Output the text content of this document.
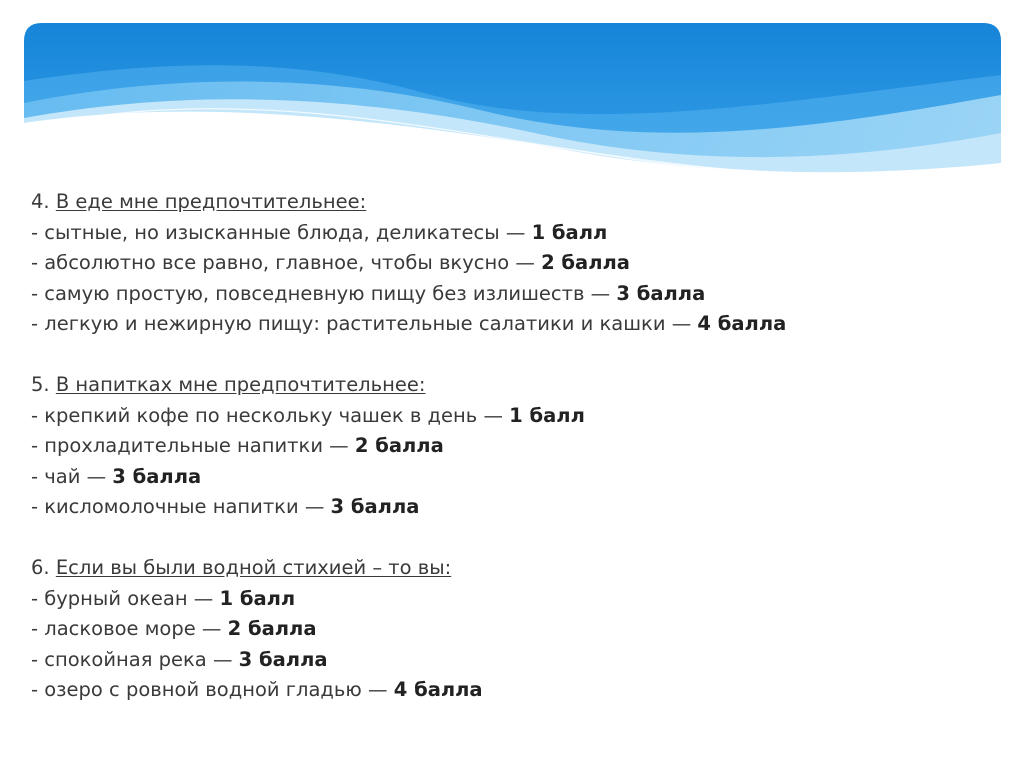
4. В еде мне предпочтительнее:
- сытные, но изысканные блюда, деликатесы — 1 балл
- абсолютно все равно, главное, чтобы вкусно — 2 балла
- самую простую, повседневную пищу без излишеств — 3 балла
- легкую и нежирную пищу: растительные салатики и кашки — 4 балла
5. В напитках мне предпочтительнее:
- крепкий кофе по нескольку чашек в день — 1 балл
- прохладительные напитки — 2 балла
- чай — 3 балла
- кисломолочные напитки — 3 балла
6. Если вы были водной стихией – то вы:
- бурный океан — 1 балл
- ласковое море — 2 балла
- спокойная река — 3 балла
- озеро с ровной водной гладью — 4 балла
